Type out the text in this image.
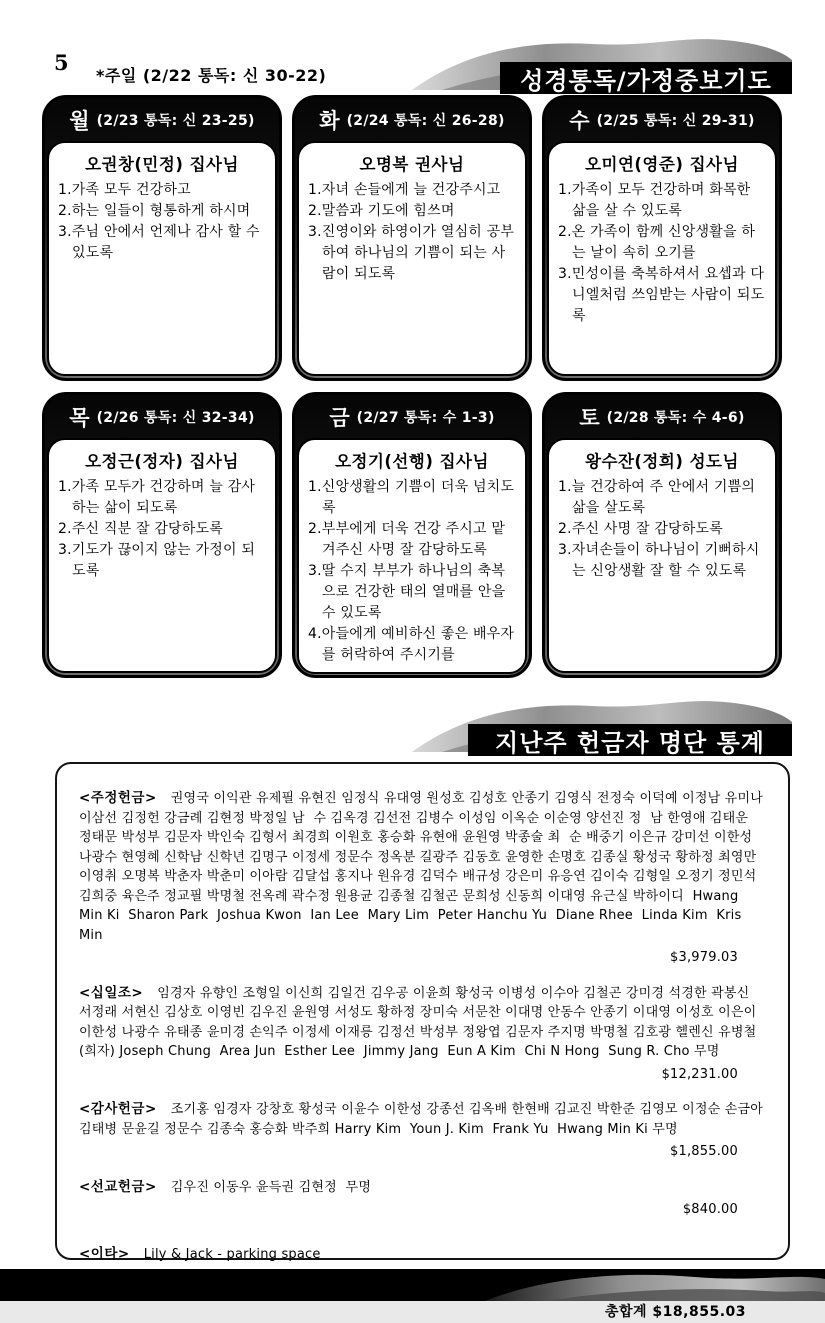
5
*주일 (2/22 통독: 신 30-22)	성경통독/가정중보기도
월 (2/23 통독: 신 23-25)
오권창(민정) 집사님
1.가족 모두 건강하고
2.하는 일들이 형통하게 하시며
3.주님 안에서 언제나 감사 할 수 있도록
화 (2/24 통독: 신 26-28)
오명복 권사님
1.자녀 손들에게 늘 건강주시고
2.말씀과 기도에 힘쓰며
3.진영이와 하영이가 열심히 공부하여 하나님의 기쁨이 되는 사람이 되도록
수 (2/25 통독: 신 29-31)
오미연(영준) 집사님
1.가족이 모두 건강하며 화목한 삶을 살 수 있도록
2.온 가족이 함께 신앙생활을 하는 날이 속히 오기를
3.민성이를 축복하셔서 요셉과 다니엘처럼 쓰임받는 사람이 되도록
목 (2/26 통독: 신 32-34)
오정근(정자) 집사님
1.가족 모두가 건강하며 늘 감사하는 삶이 되도록
2.주신 직분 잘 감당하도록
3.기도가 끊이지 않는 가정이 되도록
금 (2/27 통독: 수 1-3)
오정기(선행) 집사님
1.신앙생활의 기쁨이 더욱 넘치도록
2.부부에게 더욱 건강 주시고 맡겨주신 사명 잘 감당하도록
3.딸 수지 부부가 하나님의 축복으로 건강한 태의 열매를 안을 수 있도록
4.아들에게 예비하신 좋은 배우자를 허락하여 주시기를
토 (2/28 통독: 수 4-6)
왕수잔(정희) 성도님
1.늘 건강하여 주 안에서 기쁨의 삶을 살도록
2.주신 사명 잘 감당하도록
3.자녀손들이 하나님이 기뻐하시는 신앙생활 잘 할 수 있도록
지난주 헌금자 명단 통계

<주정헌금> 권영국 이익관 유제필 유현진 임정식 유대영 원성호 김성호 안종기 김영식 전정숙 이덕예 이정남 유미나 이삼선 김정헌 강금례 김현정 박정일 남  수 김옥경 김선전 김병수 이성임 이옥순 이순영 양선진 정  남 한영애 김태운 정태문 박성부 김문자 박인숙 김형서 최경희 이원호 홍승화 유현애 윤원영 박종술 최  순 배중기 이은규 강미선 이한성 나광수 현영혜 신학남 신학년 김명구 이정세 정문수 정옥분 길광주 김동호 윤영한 손명호 김종실 황성국 황하정 최영만 이영취 오명복 박춘자 박춘미 이아람 김달섭 홍지나 원유경 김덕수 배규성 강은미 유응연 김이숙 김형일 오정기 정민석 김희중 육은주 정교필 박명철 전옥례 곽수정 원용균 김종철 김철곤 문희성 신동희 이대영 유근실 박하이디  Hwang Min Ki  Sharon Park  Joshua Kwon  Ian Lee  Mary Lim  Peter Hanchu Yu  Diane Rhee  Linda Kim  Kris Min

$3,979.03

<십일조> 임경자 유향인 조형일 이신희 김일건 김우공 이윤희 황성국 이병성 이수아 김철곤 강미경 석경한 곽봉신 서정래 서현신 김상호 이영빈 김우진 윤원영 서성도 황하정 장미숙 서문찬 이대명 안동수 안종기 이대영 이성호 이은이 이한성 나광수 유태종 윤미경 손익주 이정세 이재릉 김정선 박성부 정왕엽 김문자 주지명 박명철 김호광 헬렌신 유병철 (희자) Joseph Chung  Area Jun  Esther Lee  Jimmy Jang  Eun A Kim  Chi N Hong  Sung R. Cho 무명

$12,231.00

<감사헌금> 조기홍 임경자 강창호 황성국 이윤수 이한성 강종선 김옥배 한현배 김교진 박한준 김영모 이정순 손금아 김태병 문윤길 정문수 김종숙 홍승화 박주희 Harry Kim  Youn J. Kim  Frank Yu  Hwang Min Ki 무명

$1,855.00

<선교헌금> 김우진 이동우 윤득권 김현정  무명

$840.00

<이타> Lily & Jack - parking space

총합계 $18,855.03
